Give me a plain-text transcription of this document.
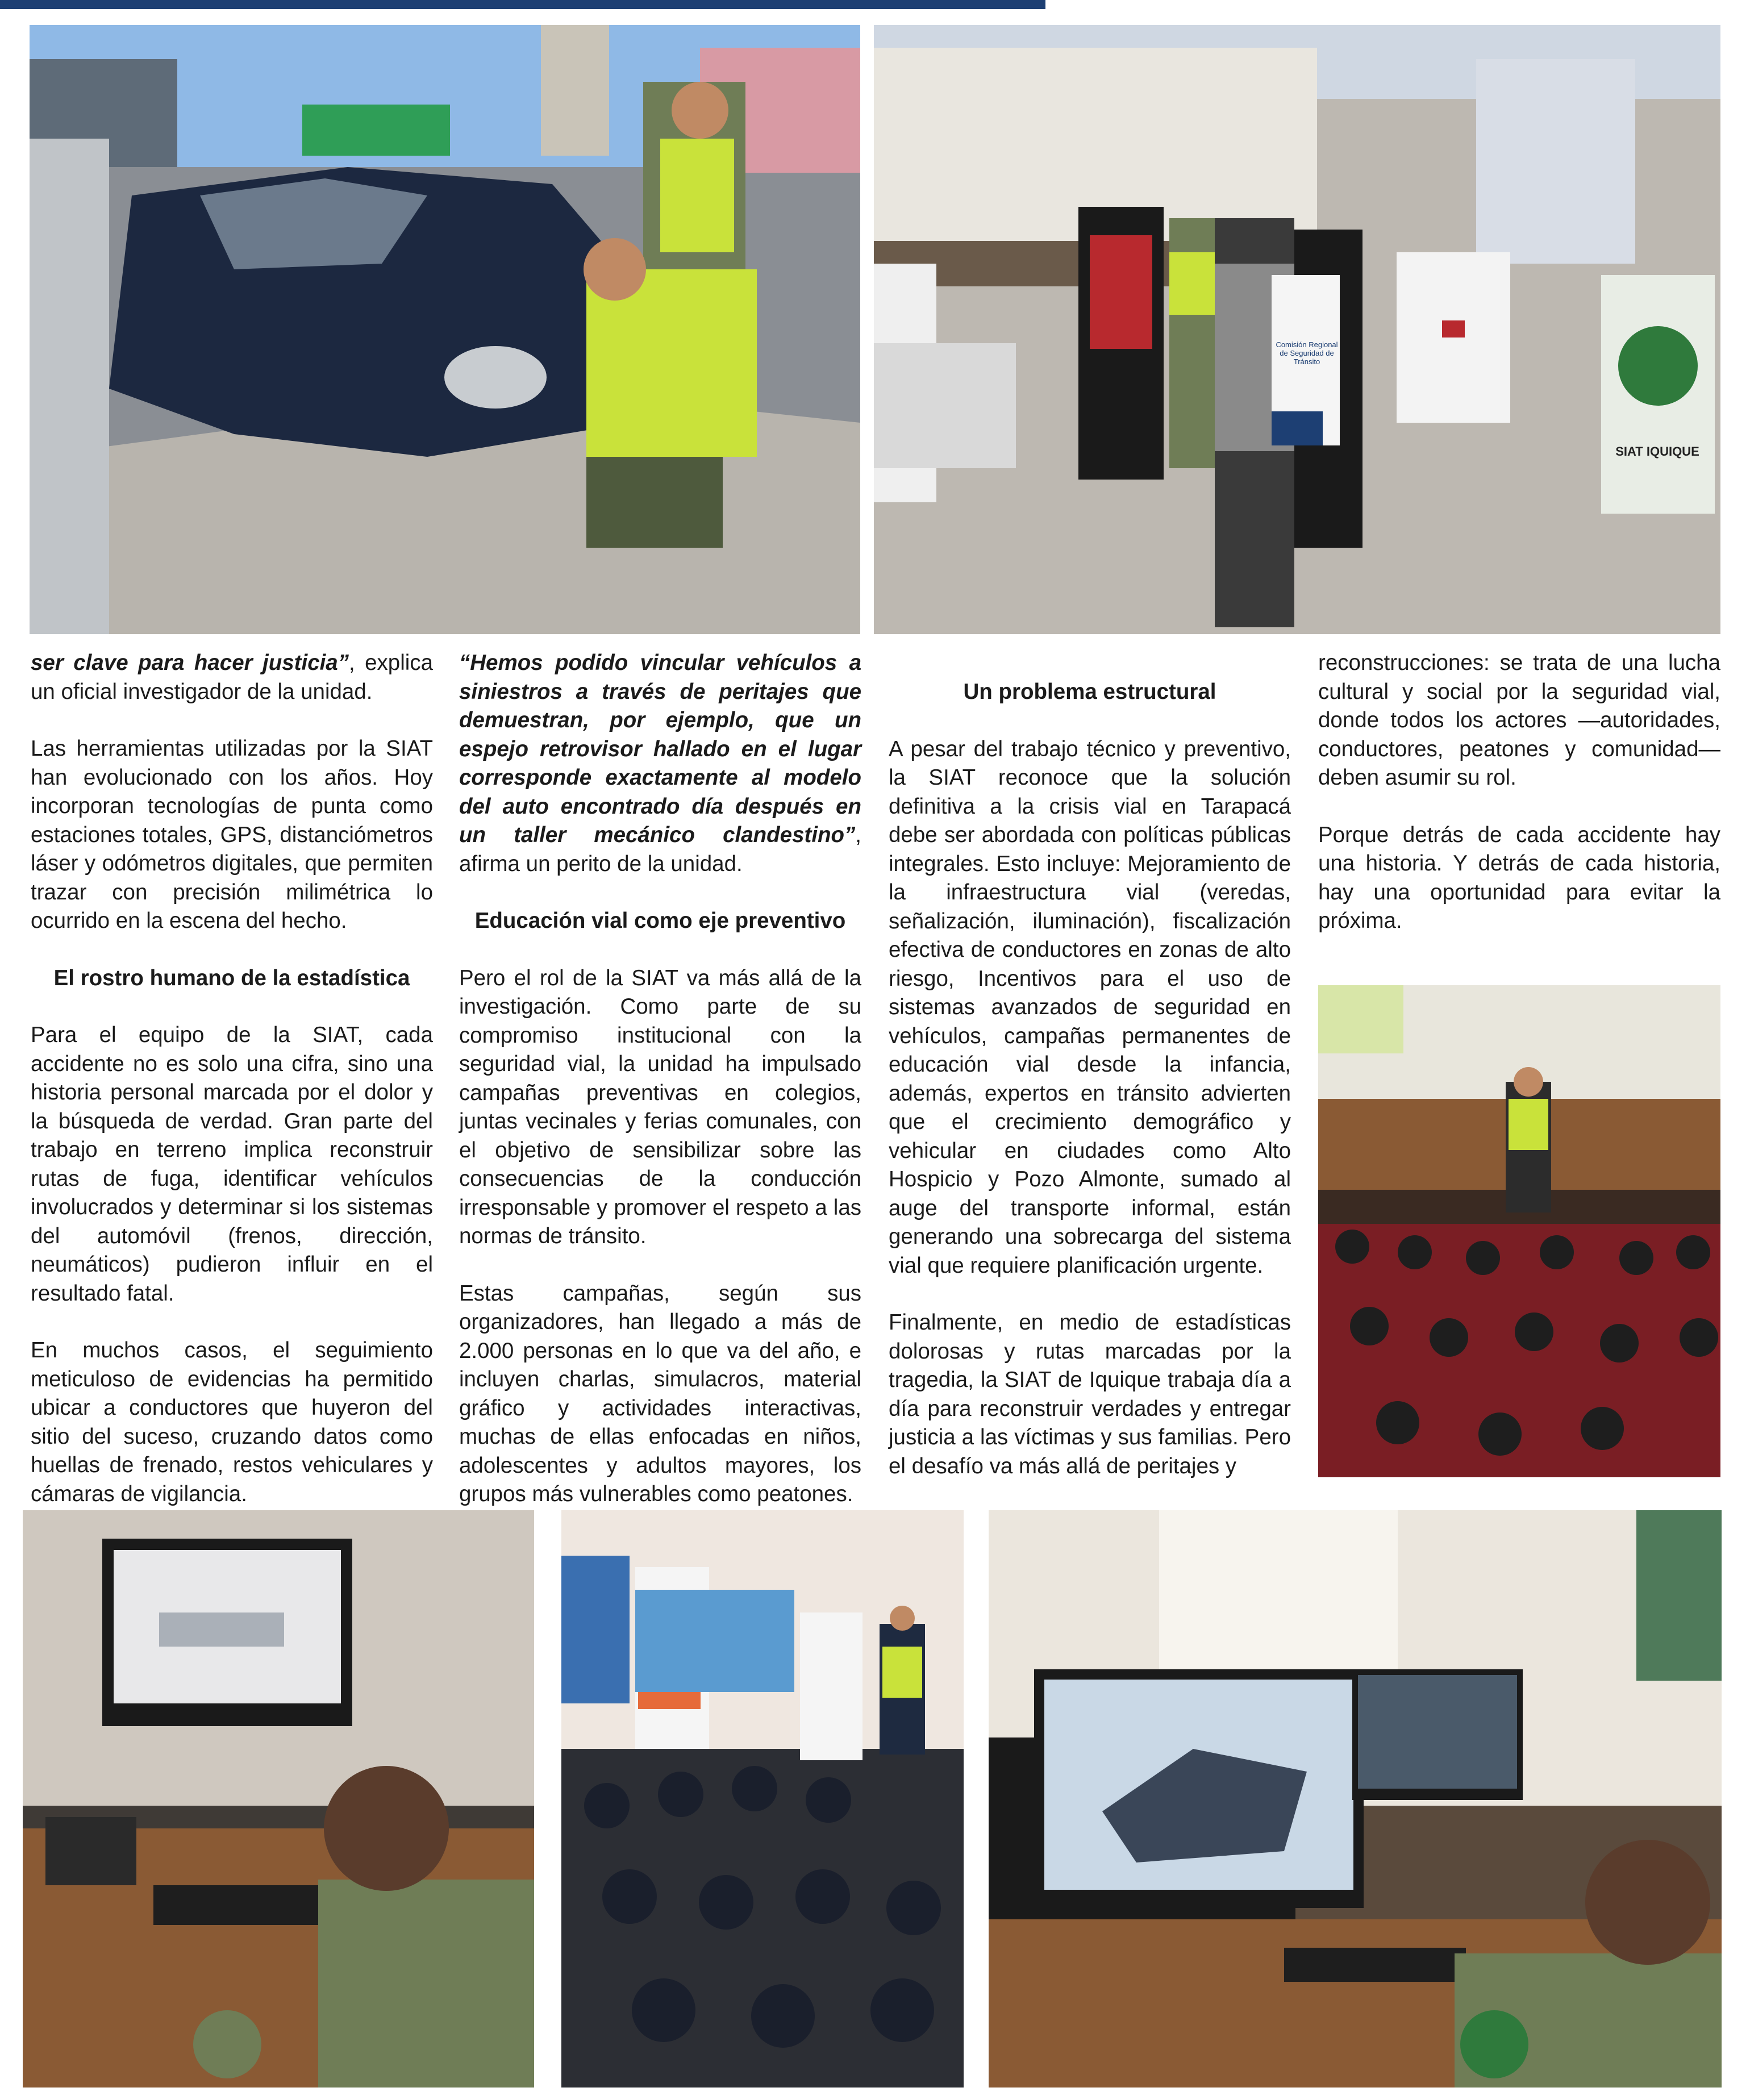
Comisión Regional de Seguridad de Tránsito
SIAT IQUIQUE

ser clave para hacer justicia”, explica un oficial investigador de la unidad.

Las herramientas utilizadas por la SIAT han evolucionado con los años. Hoy incorporan tecnologías de punta como estaciones totales, GPS, distanciómetros láser y odómetros digitales, que permiten trazar con precisión milimétrica lo ocurrido en la escena del hecho.

El rostro humano de la estadística

Para el equipo de la SIAT, cada accidente no es solo una cifra, sino una historia personal marcada por el dolor y la búsqueda de verdad. Gran parte del trabajo en terreno implica reconstruir rutas de fuga, identificar vehículos involucrados y determinar si los sistemas del automóvil (frenos, dirección, neumáticos) pudieron influir en el resultado fatal.

En muchos casos, el seguimiento meticuloso de evidencias ha permitido ubicar a conductores que huyeron del sitio del suceso, cruzando datos como huellas de frenado, restos vehiculares y cámaras de vigilancia.

“Hemos podido vincular vehículos a siniestros a través de peritajes que demuestran, por ejemplo, que un espejo retrovisor hallado en el lugar corresponde exactamente al modelo del auto encontrado día después en un taller mecánico clandestino”, afirma un perito de la unidad.

Educación vial como eje preventivo

Pero el rol de la SIAT va más allá de la investigación. Como parte de su compromiso institucional con la seguridad vial, la unidad ha impulsado campañas preventivas en colegios, juntas vecinales y ferias comunales, con el objetivo de sensibilizar sobre las consecuencias de la conducción irresponsable y promover el respeto a las normas de tránsito.

Estas campañas, según sus organizadores, han llegado a más de 2.000 personas en lo que va del año, e incluyen charlas, simulacros, material gráfico y actividades interactivas, muchas de ellas enfocadas en niños, adolescentes y adultos mayores, los grupos más vulnerables como peatones.

Un problema estructural

A pesar del trabajo técnico y preventivo, la SIAT reconoce que la solución definitiva a la crisis vial en Tarapacá debe ser abordada con políticas públicas integrales. Esto incluye: Mejoramiento de la infraestructura vial (veredas, señalización, iluminación), fiscalización efectiva de conductores en zonas de alto riesgo, Incentivos para el uso de sistemas avanzados de seguridad en vehículos, campañas permanentes de educación vial desde la infancia, además, expertos en tránsito advierten que el crecimiento demográfico y vehicular en ciudades como Alto Hospicio y Pozo Almonte, sumado al auge del transporte informal, están generando una sobrecarga del sistema vial que requiere planificación urgente.

Finalmente, en medio de estadísticas dolorosas y rutas marcadas por la tragedia, la SIAT de Iquique trabaja día a día para reconstruir verdades y entregar justicia a las víctimas y sus familias. Pero el desafío va más allá de peritajes y

reconstrucciones: se trata de una lucha cultural y social por la seguridad vial, donde todos los actores —autoridades, conductores, peatones y comunidad— deben asumir su rol.

Porque detrás de cada accidente hay una historia. Y detrás de cada historia, hay una oportunidad para evitar la próxima.
